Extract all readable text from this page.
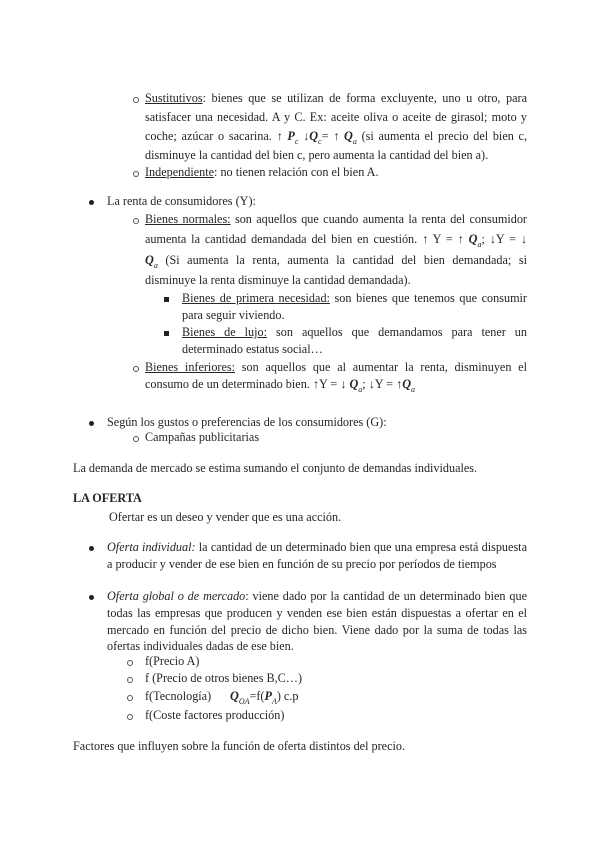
Sustitutivos: bienes que se utilizan de forma excluyente, uno u otro, para
satisfacer una necesidad. A y C. Ex: aceite oliva o aceite de girasol; moto y
coche; azúcar o sacarina. ↑ $P_c$ $↓Q_c=$ ↑ $Q_a$ (si aumenta el precio del bien c,
disminuye la cantidad del bien c, pero aumenta la cantidad del bien a).
Independiente: no tienen relación con el bien A.
La renta de consumidores (Y):
Bienes normales: son aquellos que cuando aumenta la renta del consumidor
aumenta la cantidad demandada del bien en cuestión. ↑ Y = ↑ $Q_a$; ↓Y = ↓
$Q_a$ (Si aumenta la renta, aumenta la cantidad del bien demandada; si
disminuye la renta disminuye la cantidad demandada).
Bienes de primera necesidad: son bienes que tenemos que consumir
para seguir viviendo.
Bienes de lujo: son aquellos que demandamos para tener un
determinado estatus social…
Bienes inferiores: son aquellos que al aumentar la renta, disminuyen el
consumo de un determinado bien. ↑Y = ↓ $Q_a$; ↓Y = $↑Q_a$
Según los gustos o preferencias de los consumidores (G):
Campañas publicitarias
La demanda de mercado se estima sumando el conjunto de demandas individuales.
LA OFERTA
Ofertar es un deseo y vender que es una acción.
Oferta individual: la cantidad de un determinado bien que una empresa está dispuesta
a producir y vender de ese bien en función de su precio por períodos de tiempos
Oferta global o de mercado: viene dado por la cantidad de un determinado bien que
todas las empresas que producen y venden ese bien están dispuestas a ofertar en el
mercado en función del precio de dicho bien. Viene dado por la suma de todas las
ofertas individuales dadas de ese bien.
f(Precio A)
f (Precio de otros bienes B,C…)
f(Tecnología) $Q_{OA}=f(P_A)$ c.p
f(Coste factores producción)
Factores que influyen sobre la función de oferta distintos del precio.
